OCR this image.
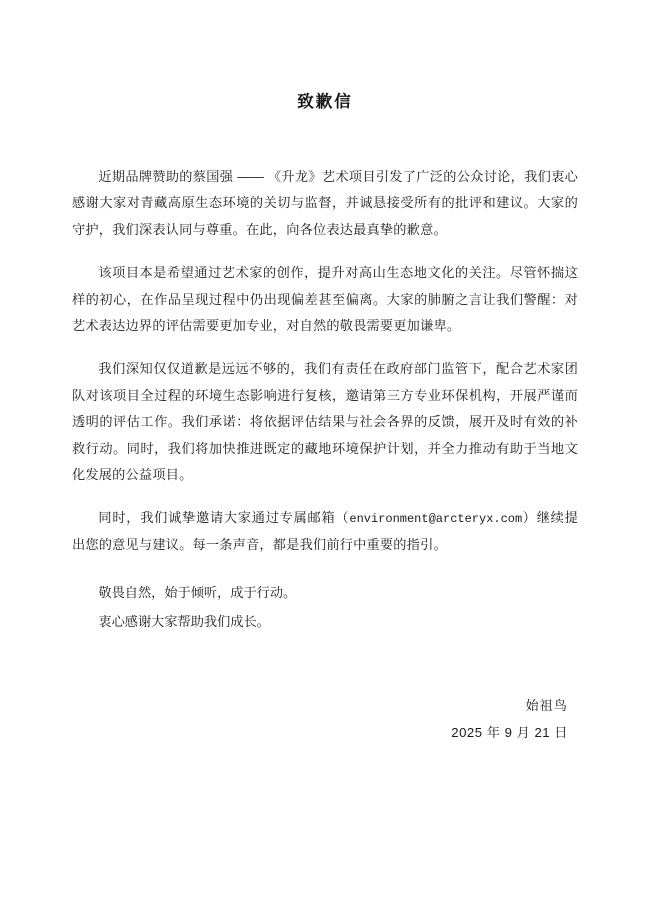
致歉信

近期品牌赞助的蔡国强 —— 《升龙》艺术项目引发了广泛的公众讨论，我们衷心感谢大家对青藏高原生态环境的关切与监督，并诚恳接受所有的批评和建议。大家的守护，我们深表认同与尊重。在此，向各位表达最真挚的歉意。

该项目本是希望通过艺术家的创作，提升对高山生态地文化的关注。尽管怀揣这样的初心，在作品呈现过程中仍出现偏差甚至偏离。大家的肺腑之言让我们警醒：对艺术表达边界的评估需要更加专业，对自然的敬畏需要更加谦卑。

我们深知仅仅道歉是远远不够的，我们有责任在政府部门监管下，配合艺术家团队对该项目全过程的环境生态影响进行复核，邀请第三方专业环保机构，开展严谨而透明的评估工作。我们承诺：将依据评估结果与社会各界的反馈，展开及时有效的补救行动。同时，我们将加快推进既定的藏地环境保护计划，并全力推动有助于当地文化发展的公益项目。

同时，我们诚挚邀请大家通过专属邮箱（environment@arcteryx.com）继续提出您的意见与建议。每一条声音，都是我们前行中重要的指引。

敬畏自然，始于倾听，成于行动。

衷心感谢大家帮助我们成长。

始祖鸟
2025 年 9 月 21 日
